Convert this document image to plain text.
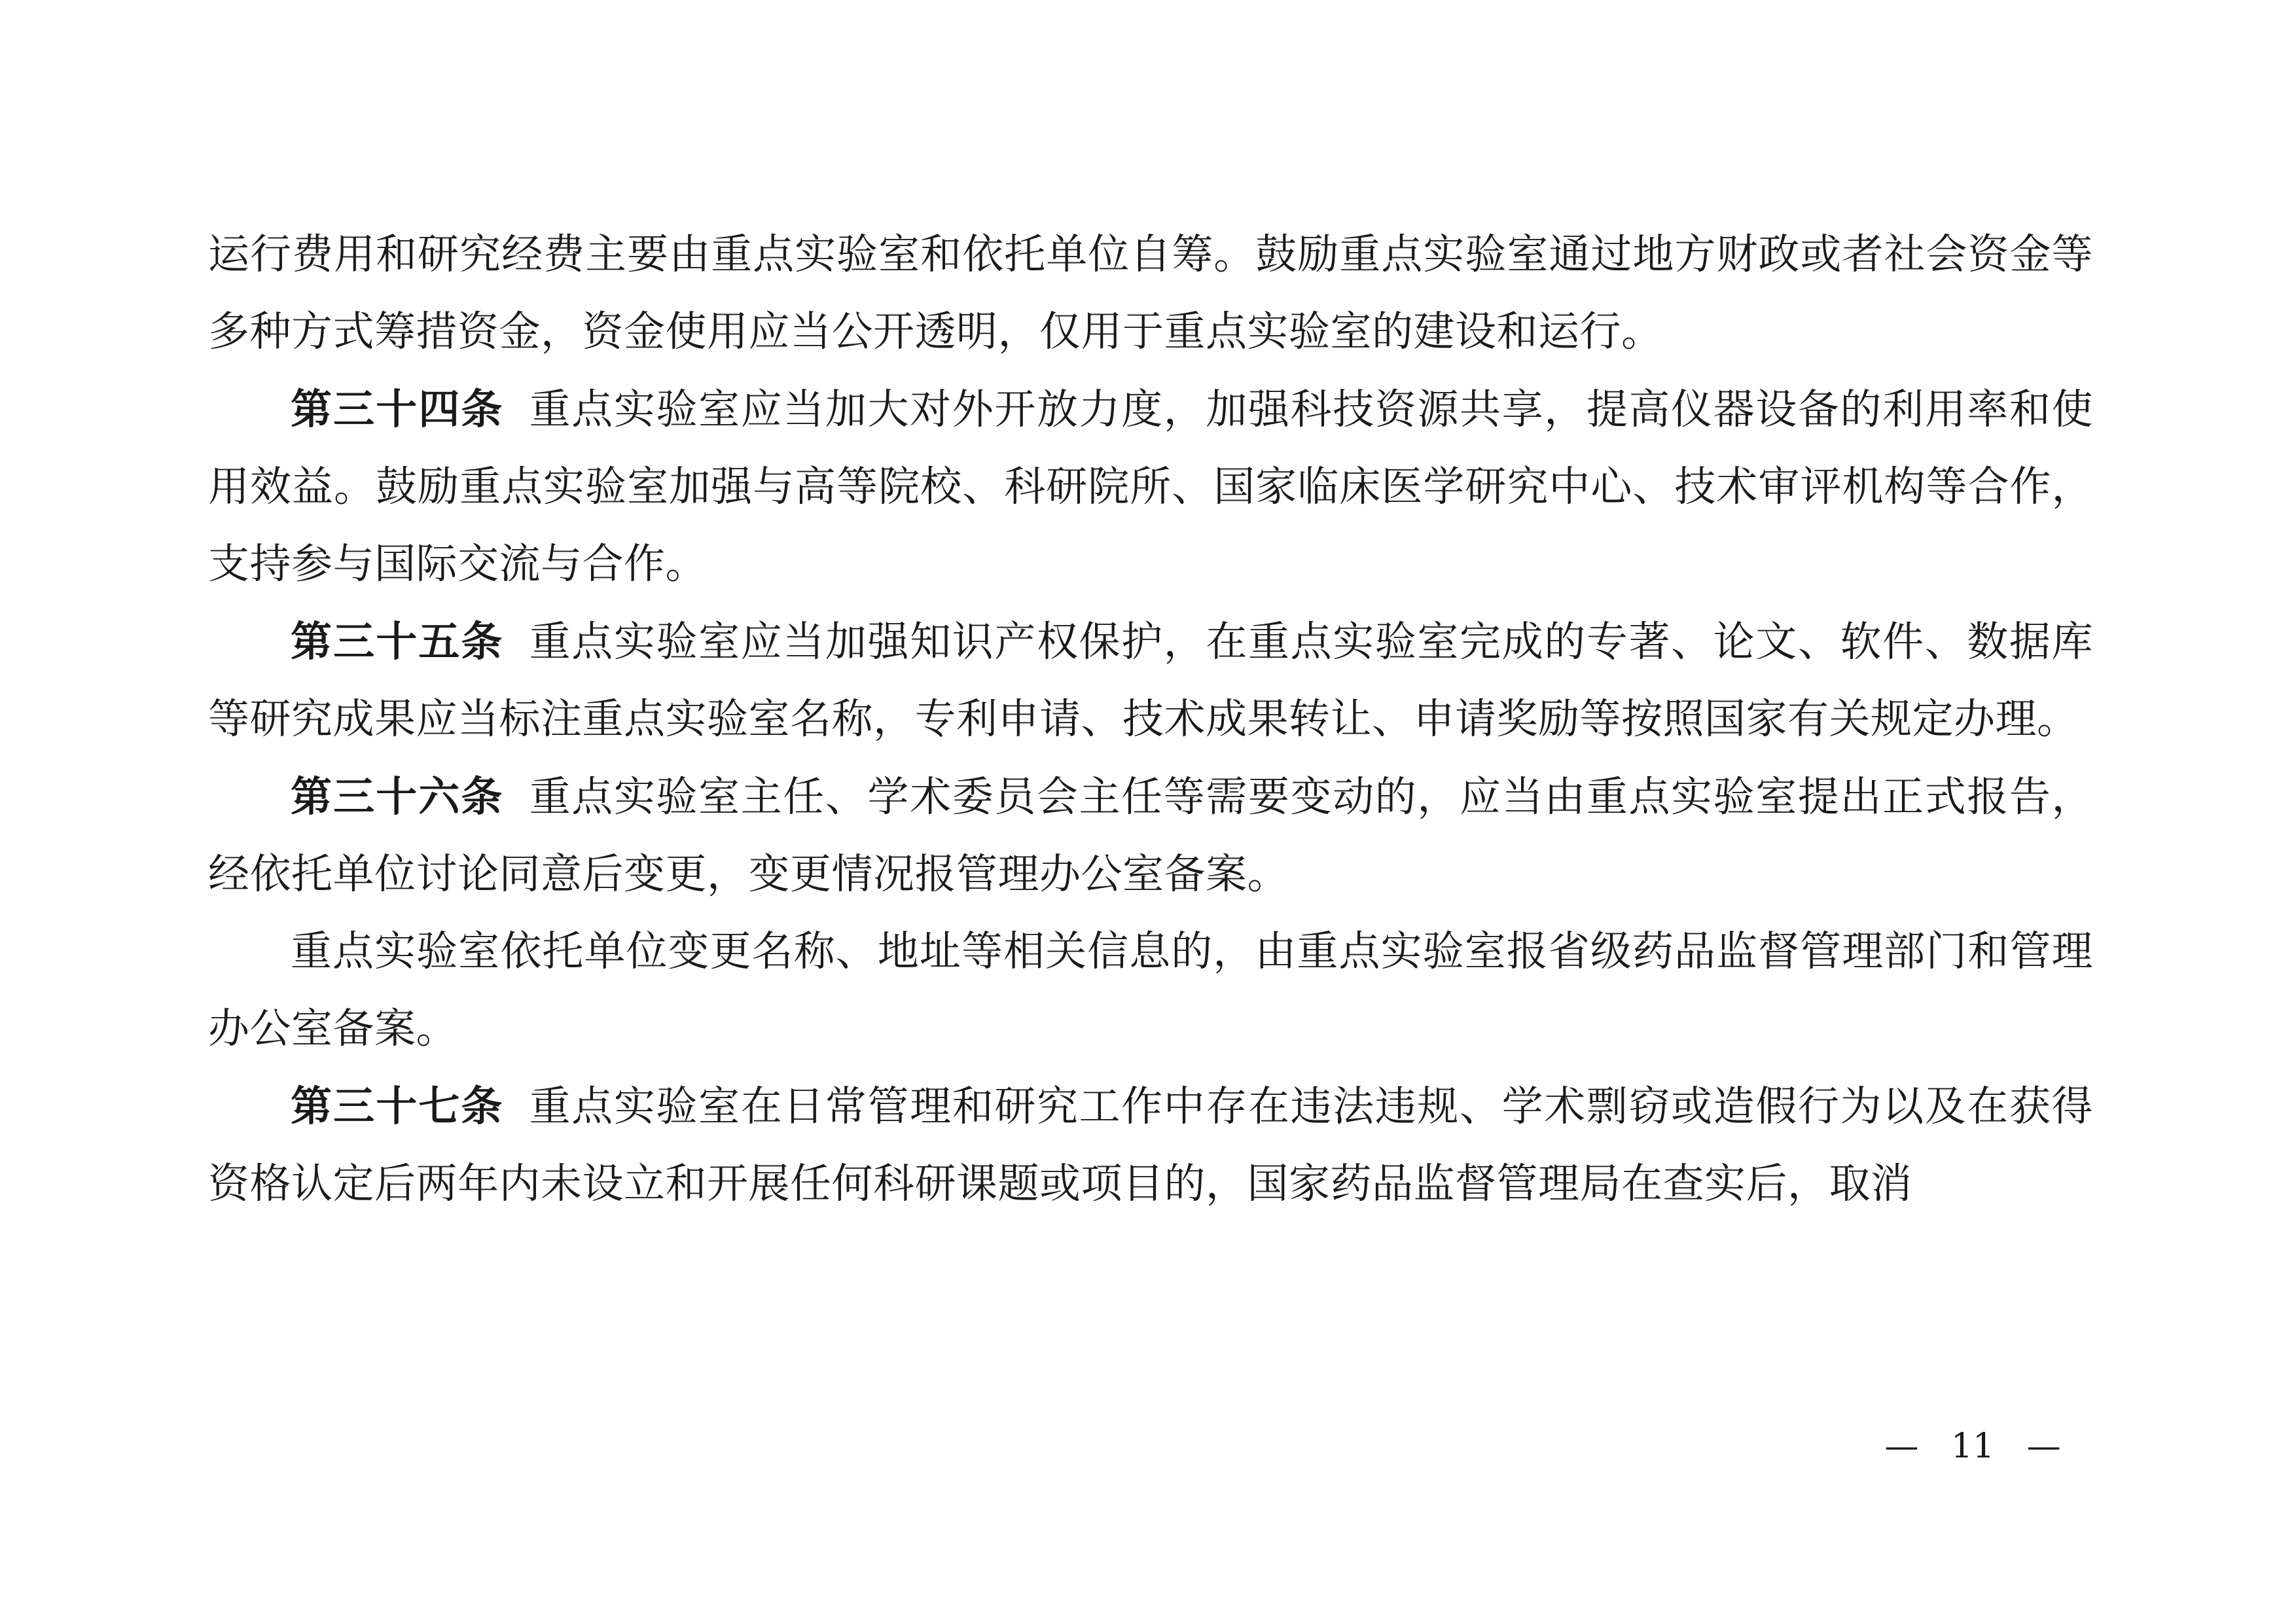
运行费用和研究经费主要由重点实验室和依托单位自筹。鼓励重点实验室通过地方财政或者社会资金等多种方式筹措资金，资金使用应当公开透明，仅用于重点实验室的建设和运行。

第三十四条 重点实验室应当加大对外开放力度，加强科技资源共享，提高仪器设备的利用率和使用效益。鼓励重点实验室加强与高等院校、科研院所、国家临床医学研究中心、技术审评机构等合作，支持参与国际交流与合作。

第三十五条 重点实验室应当加强知识产权保护，在重点实验室完成的专著、论文、软件、数据库等研究成果应当标注重点实验室名称，专利申请、技术成果转让、申请奖励等按照国家有关规定办理。

第三十六条 重点实验室主任、学术委员会主任等需要变动的，应当由重点实验室提出正式报告，经依托单位讨论同意后变更，变更情况报管理办公室备案。

重点实验室依托单位变更名称、地址等相关信息的，由重点实验室报省级药品监督管理部门和管理办公室备案。

第三十七条 重点实验室在日常管理和研究工作中存在违法违规、学术剽窃或造假行为以及在获得资格认定后两年内未设立和开展任何科研课题或项目的，国家药品监督管理局在查实后，取消

— 11 —
